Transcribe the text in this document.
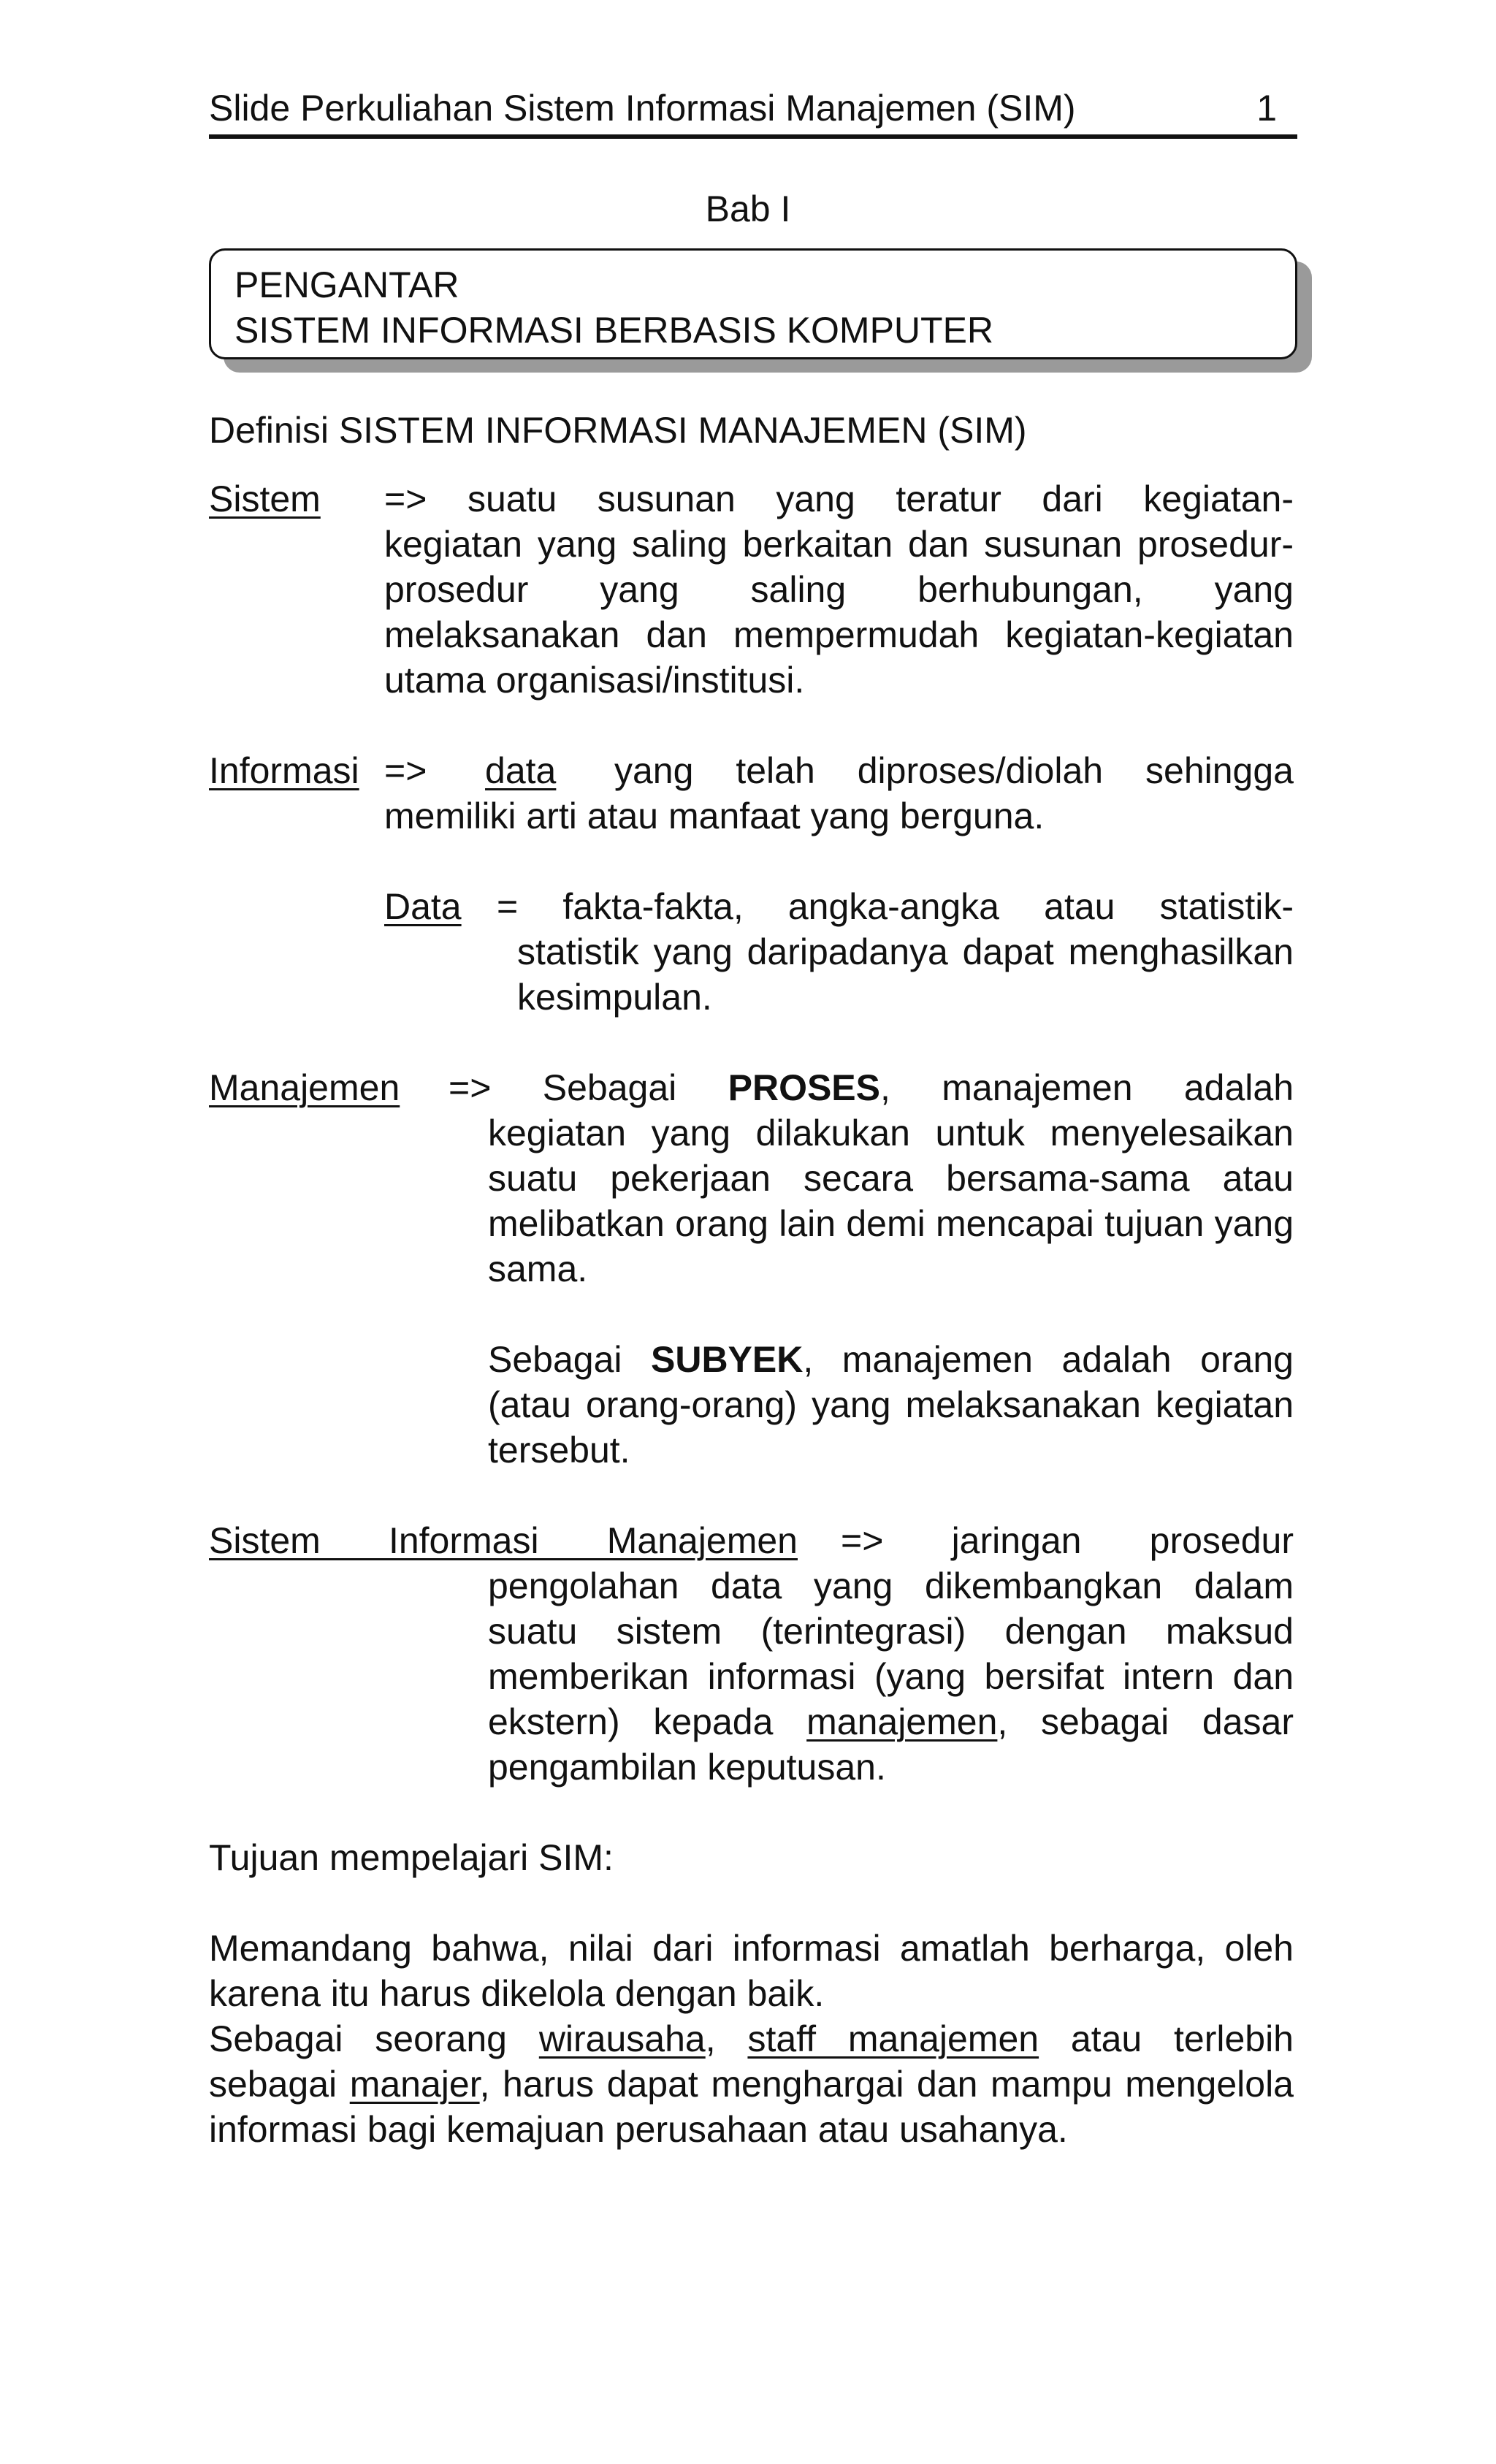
Slide Perkuliahan Sistem Informasi Manajemen (SIM)	1
Bab I
PENGANTAR
SISTEM INFORMASI BERBASIS KOMPUTER
Definisi SISTEM INFORMASI MANAJEMEN (SIM)
Sistem => suatu susunan yang teratur dari kegiatan-
kegiatan yang saling berkaitan dan susunan prosedur-prosedur yang saling berhubungan, yang melaksanakan dan mempermudah kegiatan-kegiatan utama organisasi/institusi.
Informasi => data yang telah diproses/diolah sehingga
memiliki arti atau manfaat yang berguna.
Data = fakta-fakta, angka-angka atau statistik-
statistik yang daripadanya dapat menghasilkan kesimpulan.
Manajemen => Sebagai PROSES, manajemen adalah
kegiatan yang dilakukan untuk menyelesaikan suatu pekerjaan secara bersama-sama atau melibatkan orang lain demi mencapai tujuan yang sama.
Sebagai SUBYEK, manajemen adalah orang (atau orang-orang) yang melaksanakan kegiatan tersebut.
Sistem Informasi Manajemen => jaringan prosedur
pengolahan data yang dikembangkan dalam suatu sistem (terintegrasi) dengan maksud memberikan informasi (yang bersifat intern dan ekstern) kepada manajemen, sebagai dasar pengambilan keputusan.
Tujuan mempelajari SIM:
Memandang bahwa, nilai dari informasi amatlah berharga, oleh karena itu harus dikelola dengan baik.
Sebagai seorang wirausaha, staff manajemen atau terlebih sebagai manajer, harus dapat menghargai dan mampu mengelola informasi bagi kemajuan perusahaan atau usahanya.
